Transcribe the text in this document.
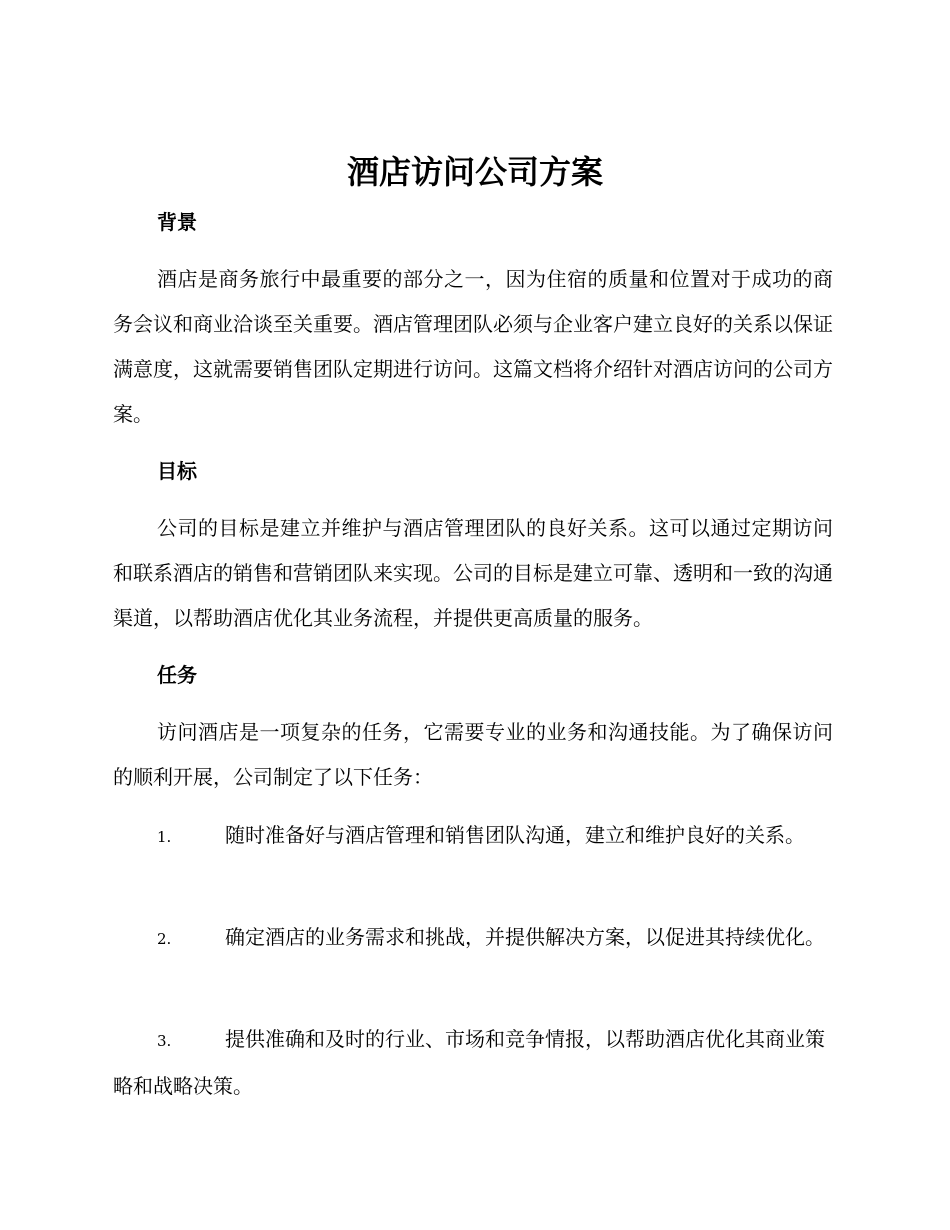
酒店访问公司方案
背景
酒店是商务旅行中最重要的部分之一，因为住宿的质量和位置对于成功的商务会议和商业洽谈至关重要。酒店管理团队必须与企业客户建立良好的关系以保证满意度，这就需要销售团队定期进行访问。这篇文档将介绍针对酒店访问的公司方案。
目标
公司的目标是建立并维护与酒店管理团队的良好关系。这可以通过定期访问和联系酒店的销售和营销团队来实现。公司的目标是建立可靠、透明和一致的沟通渠道，以帮助酒店优化其业务流程，并提供更高质量的服务。
任务
访问酒店是一项复杂的任务，它需要专业的业务和沟通技能。为了确保访问的顺利开展，公司制定了以下任务：
1.	随时准备好与酒店管理和销售团队沟通，建立和维护良好的关系。
2.	确定酒店的业务需求和挑战，并提供解决方案，以促进其持续优化。
3.	提供准确和及时的行业、市场和竞争情报，以帮助酒店优化其商业策略和战略决策。
